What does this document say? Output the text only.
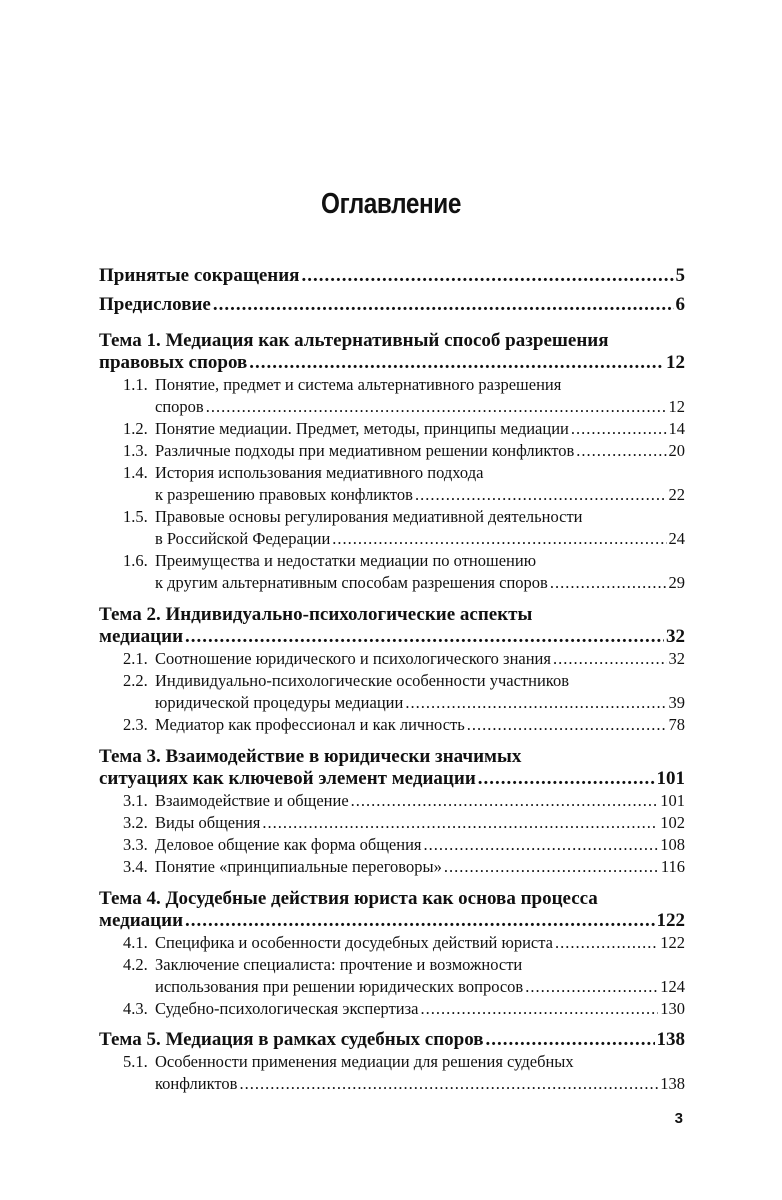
Оглавление
Принятые сокращения .....	5
Предисловие .....	6
Тема 1. Медиация как альтернативный способ разрешения
правовых споров .....	12
1.1. Понятие, предмет и система альтернативного разрешения
споров .....	12
1.2. Понятие медиации. Предмет, методы, принципы медиации .....	14
1.3. Различные подходы при медиативном решении конфликтов .....	20
1.4. История использования медиативного подхода
к разрешению правовых конфликтов .....	22
1.5. Правовые основы регулирования медиативной деятельности
в Российской Федерации .....	24
1.6. Преимущества и недостатки медиации по отношению
к другим альтернативным способам разрешения споров .....	29
Тема 2. Индивидуально-психологические аспекты
медиации .....	32
2.1. Соотношение юридического и психологического знания .....	32
2.2. Индивидуально-психологические особенности участников
юридической процедуры медиации .....	39
2.3. Медиатор как профессионал и как личность .....	78
Тема 3. Взаимодействие в юридически значимых
ситуациях как ключевой элемент медиации .....	101
3.1. Взаимодействие и общение .....	101
3.2. Виды общения .....	102
3.3. Деловое общение как форма общения .....	108
3.4. Понятие «принципиальные переговоры» .....	116
Тема 4. Досудебные действия юриста как основа процесса
медиации .....	122
4.1. Специфика и особенности досудебных действий юриста .....	122
4.2. Заключение специалиста: прочтение и возможности
использования при решении юридических вопросов .....	124
4.3. Судебно-психологическая экспертиза .....	130
Тема 5. Медиация в рамках судебных споров .....	138
5.1. Особенности применения медиации для решения судебных
конфликтов .....	138
3
